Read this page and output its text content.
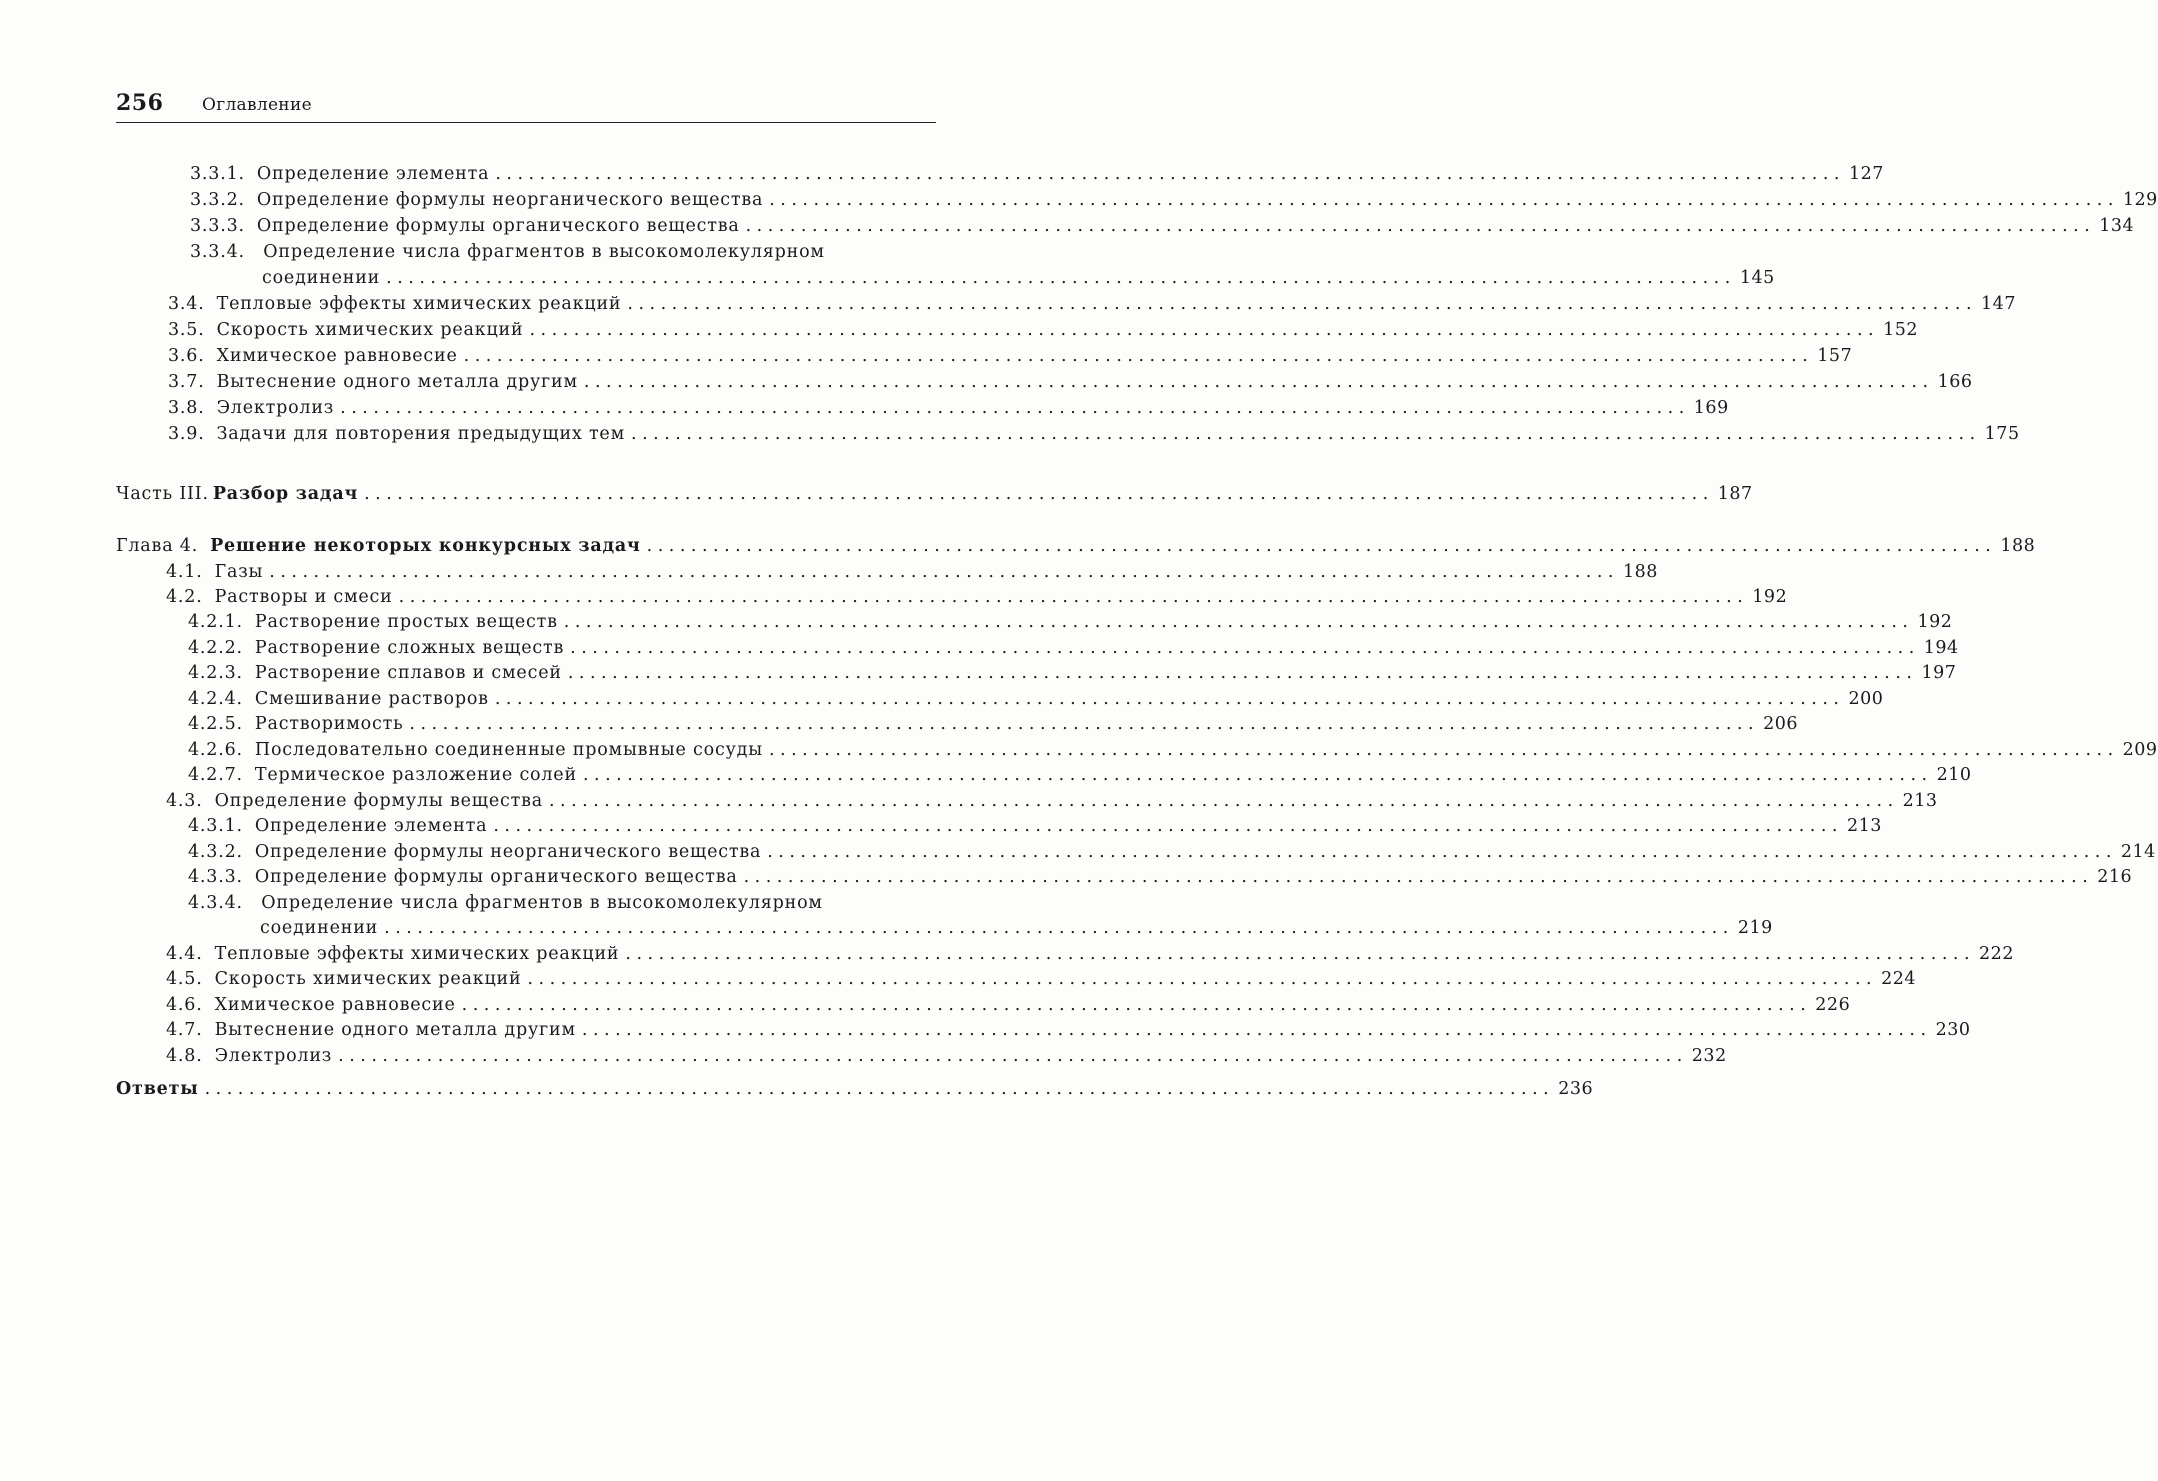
256 Оглавление
3.3.1. Определение элемента .......................................................................................................................... 127
3.3.2. Определение формулы неорганического вещества .......................................................................................................................... 129
3.3.3. Определение формулы органического вещества .......................................................................................................................... 134
3.3.4. Определение числа фрагментов в высокомолекулярном
соединении .......................................................................................................................... 145
3.4. Тепловые эффекты химических реакций .......................................................................................................................... 147
3.5. Скорость химических реакций .......................................................................................................................... 152
3.6. Химическое равновесие .......................................................................................................................... 157
3.7. Вытеснение одного металла другим .......................................................................................................................... 166
3.8. Электролиз .......................................................................................................................... 169
3.9. Задачи для повторения предыдущих тем .......................................................................................................................... 175
Часть III. Разбор задач .......................................................................................................................... 187
Глава 4. Решение некоторых конкурсных задач .......................................................................................................................... 188
4.1. Газы .......................................................................................................................... 188
4.2. Растворы и смеси .......................................................................................................................... 192
4.2.1. Растворение простых веществ .......................................................................................................................... 192
4.2.2. Растворение сложных веществ .......................................................................................................................... 194
4.2.3. Растворение сплавов и смесей .......................................................................................................................... 197
4.2.4. Смешивание растворов .......................................................................................................................... 200
4.2.5. Растворимость .......................................................................................................................... 206
4.2.6. Последовательно соединенные промывные сосуды .......................................................................................................................... 209
4.2.7. Термическое разложение солей .......................................................................................................................... 210
4.3. Определение формулы вещества .......................................................................................................................... 213
4.3.1. Определение элемента .......................................................................................................................... 213
4.3.2. Определение формулы неорганического вещества .......................................................................................................................... 214
4.3.3. Определение формулы органического вещества .......................................................................................................................... 216
4.3.4. Определение числа фрагментов в высокомолекулярном
соединении .......................................................................................................................... 219
4.4. Тепловые эффекты химических реакций .......................................................................................................................... 222
4.5. Скорость химических реакций .......................................................................................................................... 224
4.6. Химическое равновесие .......................................................................................................................... 226
4.7. Вытеснение одного металла другим .......................................................................................................................... 230
4.8. Электролиз .......................................................................................................................... 232
Ответы .......................................................................................................................... 236
